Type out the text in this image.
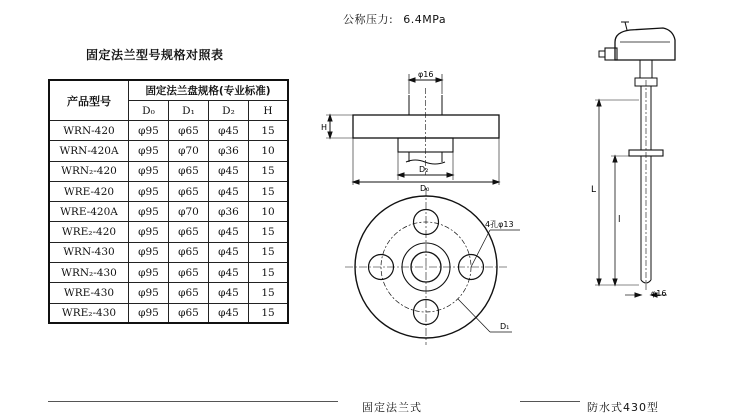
公称压力: 6.4MPa
固定法兰型号规格对照表
产品型号	固定法兰盘规格(专业标准)			
	D₀	D₁	D₂	H
WRN-420	φ95	φ65	φ45	15
WRN-420A	φ95	φ70	φ36	10
WRN₂-420	φ95	φ65	φ45	15
WRE-420	φ95	φ65	φ45	15
WRE-420A	φ95	φ70	φ36	10
WRE₂-420	φ95	φ65	φ45	15
WRN-430	φ95	φ65	φ45	15
WRN₂-430	φ95	φ65	φ45	15
WRE-430	φ95	φ65	φ45	15
WRE₂-430	φ95	φ65	φ45	15
φ16
H
D₂
D₀
4孔φ13
D₁
L
l
φ16
固定法兰式	防水式430型
